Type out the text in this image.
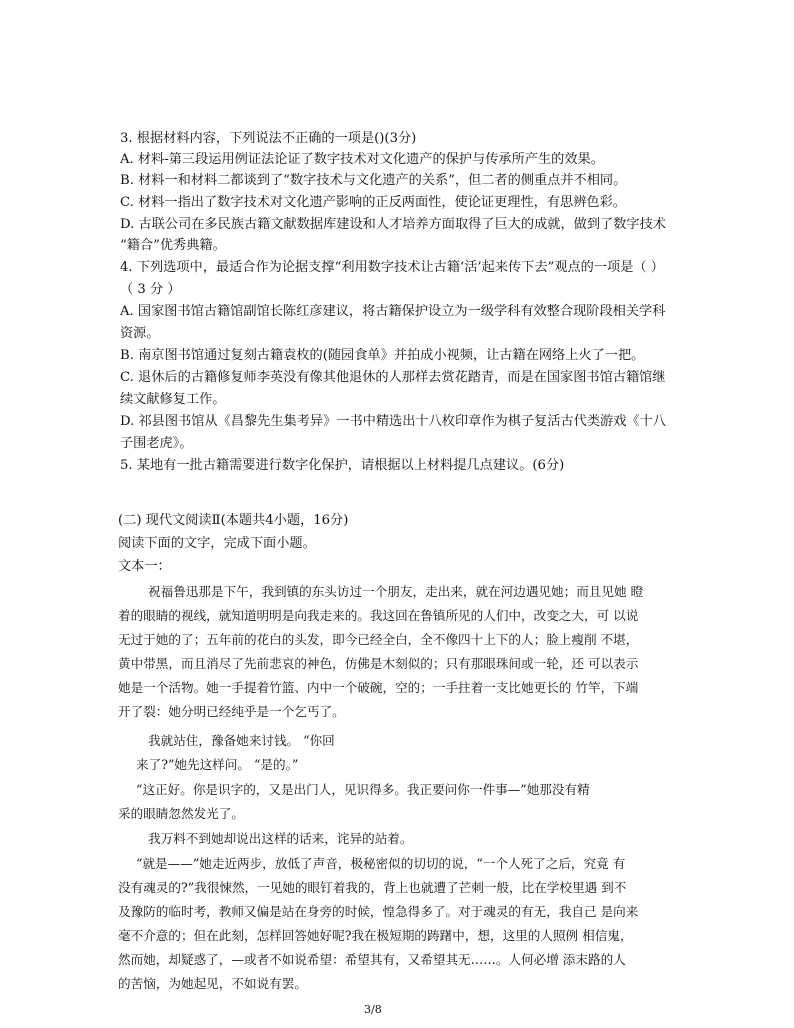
3. 根据材料内容，下列说法不正确的一项是()(3分)
A. 材料-第三段运用例证法论证了数字技术对文化遗产的保护与传承所产生的效果。
B. 材料一和材料二都谈到了“数字技术与文化遗产的关系”，但二者的侧重点并不相同。
C. 材料一指出了数字技术对文化遗产影响的正反两面性，使论证更理性，有思辨色彩。
D. 古联公司在多民族古籍文献数据库建设和人才培养方面取得了巨大的成就，做到了数字技术
“籍合”优秀典籍。
4. 下列选项中，最适合作为论据支撑“利用数字技术让古籍‘活’起来传下去”观点的一项是（ ）
（ 3 分 ）
A. 国家图书馆古籍馆副馆长陈红彦建议，将古籍保护设立为一级学科有效整合现阶段相关学科
资源。
B. 南京图书馆通过复刻古籍袁枚的(随园食单》并拍成小视频，让古籍在网络上火了一把。
C. 退休后的古籍修复师李英没有像其他退休的人那样去赏花踏青，而是在国家图书馆古籍馆继
续文献修复工作。
D. 祁县图书馆从《昌黎先生集考异》一书中精选出十八枚印章作为棋子复活古代类游戏《十八
子围老虎》。
5. 某地有一批古籍需要进行数字化保护，请根据以上材料提几点建议。(6分)
(二) 现代文阅读Ⅱ(本题共4小题，16分)
阅读下面的文字，完成下面小题。
文本一：
祝福鲁迅那是下午，我到镇的东头访过一个朋友，走出来，就在河边遇见她；而且见她 瞪
着的眼睛的视线，就知道明明是向我走来的。我这回在鲁镇所见的人们中，改变之大，可 以说
无过于她的了；五年前的花白的头发，即今已经全白，全不像四十上下的人；脸上瘦削 不堪，
黄中带黑，而且消尽了先前悲哀的神色，仿佛是木刻似的；只有那眼珠间或一轮，还 可以表示
她是一个活物。她一手提着竹篮、内中一个破碗，空的；一手拄着一支比她更长的 竹竿，下端
开了裂：她分明已经纯乎是一个乞丐了。
我就站住，豫备她来讨钱。 “你回
来了?”她先这样问。 “是的。”
“这正好。你是识字的，又是出门人，见识得多。我正要问你一件事—”她那没有精
采的眼睛忽然发光了。
我万料不到她却说出这样的话来，诧异的站着。
“就是——”她走近两步，放低了声音，极秘密似的切切的说，“一个人死了之后，究竟 有
没有魂灵的?”我很悚然，一见她的眼钉着我的，背上也就遭了芒刺一般，比在学校里遇 到不
及豫防的临时考，教师又偏是站在身旁的时候，惶急得多了。对于魂灵的有无，我自己 是向来
毫不介意的；但在此刻，怎样回答她好呢?我在极短期的踌躇中，想，这里的人照例 相信鬼，
然而她，却疑惑了，—或者不如说希望：希望其有，又希望其无……。人何必增 添末路的人
的苦恼，为她起见，不如说有罢。
3/8
